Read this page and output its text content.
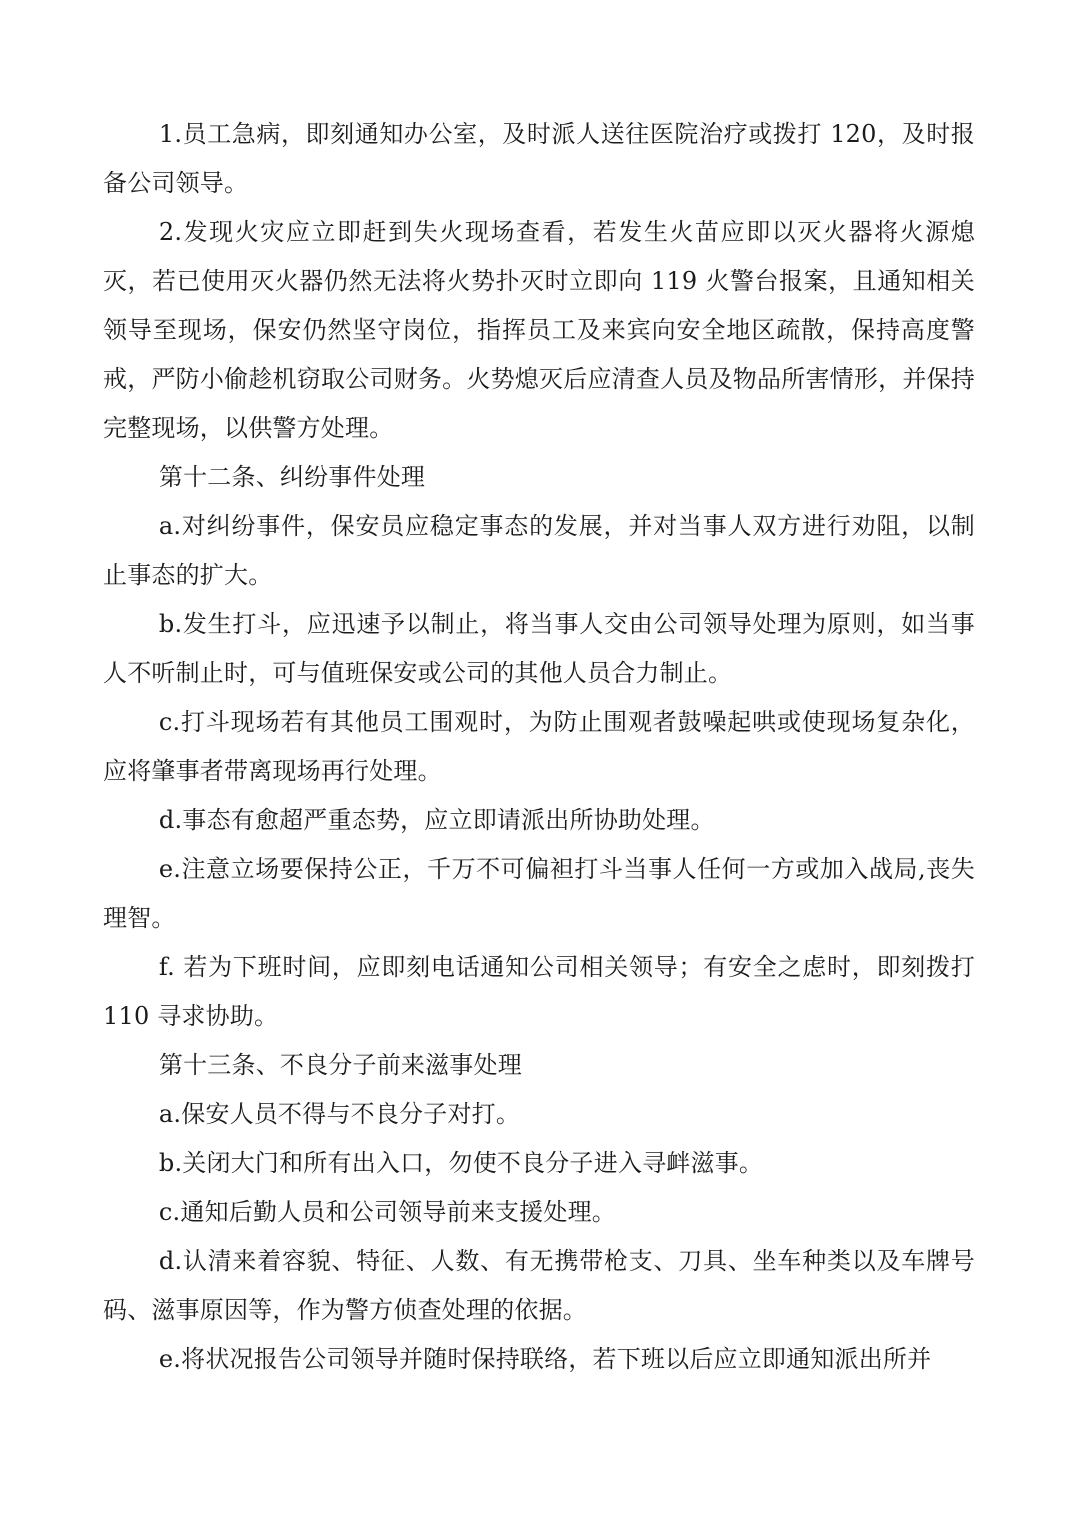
1.员工急病，即刻通知办公室，及时派人送往医院治疗或拨打 120，及时报备公司领导。

2.发现火灾应立即赶到失火现场查看，若发生火苗应即以灭火器将火源熄灭，若已使用灭火器仍然无法将火势扑灭时立即向 119 火警台报案，且通知相关领导至现场，保安仍然坚守岗位，指挥员工及来宾向安全地区疏散，保持高度警戒，严防小偷趁机窃取公司财务。火势熄灭后应清查人员及物品所害情形，并保持完整现场，以供警方处理。

第十二条、纠纷事件处理

a.对纠纷事件，保安员应稳定事态的发展，并对当事人双方进行劝阻，以制止事态的扩大。

b.发生打斗，应迅速予以制止，将当事人交由公司领导处理为原则，如当事人不听制止时，可与值班保安或公司的其他人员合力制止。

c.打斗现场若有其他员工围观时，为防止围观者鼓噪起哄或使现场复杂化，应将肇事者带离现场再行处理。

d.事态有愈超严重态势，应立即请派出所协助处理。

e.注意立场要保持公正，千万不可偏袒打斗当事人任何一方或加入战局,丧失理智。

f. 若为下班时间，应即刻电话通知公司相关领导；有安全之虑时，即刻拨打 110 寻求协助。

第十三条、不良分子前来滋事处理

a.保安人员不得与不良分子对打。

b.关闭大门和所有出入口，勿使不良分子进入寻衅滋事。

c.通知后勤人员和公司领导前来支援处理。

d.认清来着容貌、特征、人数、有无携带枪支、刀具、坐车种类以及车牌号码、滋事原因等，作为警方侦查处理的依据。

e.将状况报告公司领导并随时保持联络，若下班以后应立即通知派出所并
